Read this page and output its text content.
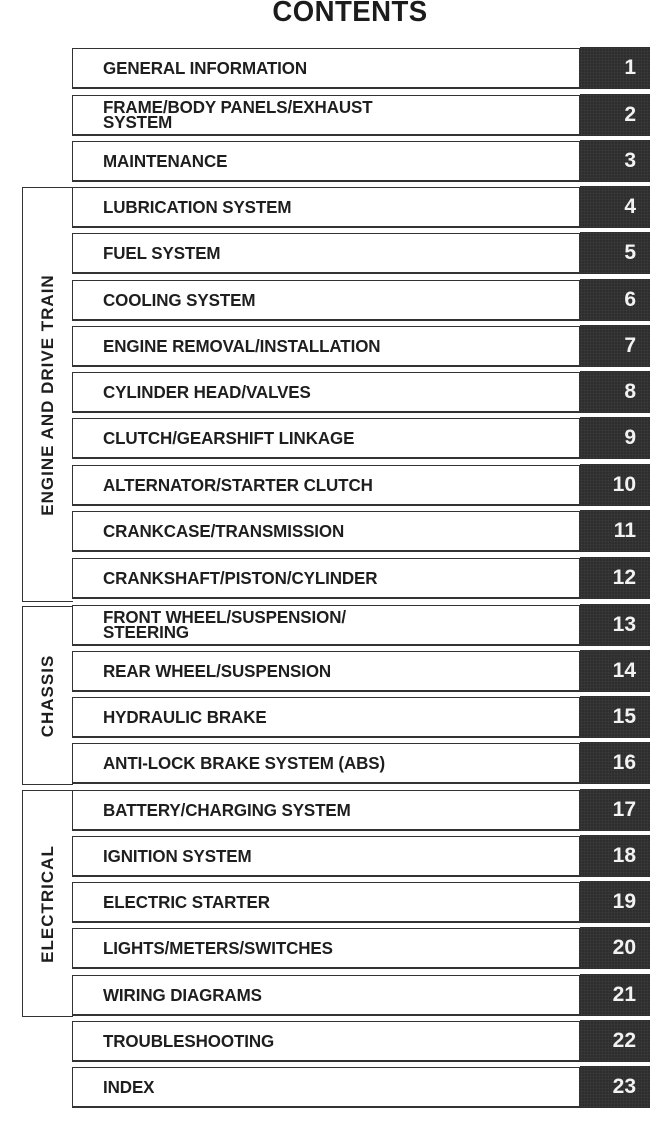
CONTENTS
ENGINE AND DRIVE TRAIN
CHASSIS
ELECTRICAL
GENERAL INFORMATION	1
FRAME/BODY PANELS/EXHAUST SYSTEM	2
MAINTENANCE	3
LUBRICATION SYSTEM	4
FUEL SYSTEM	5
COOLING SYSTEM	6
ENGINE REMOVAL/INSTALLATION	7
CYLINDER HEAD/VALVES	8
CLUTCH/GEARSHIFT LINKAGE	9
ALTERNATOR/STARTER CLUTCH	10
CRANKCASE/TRANSMISSION	11
CRANKSHAFT/PISTON/CYLINDER	12
FRONT WHEEL/SUSPENSION/ STEERING	13
REAR WHEEL/SUSPENSION	14
HYDRAULIC BRAKE	15
ANTI-LOCK BRAKE SYSTEM (ABS)	16
BATTERY/CHARGING SYSTEM	17
IGNITION SYSTEM	18
ELECTRIC STARTER	19
LIGHTS/METERS/SWITCHES	20
WIRING DIAGRAMS	21
TROUBLESHOOTING	22
INDEX	23
